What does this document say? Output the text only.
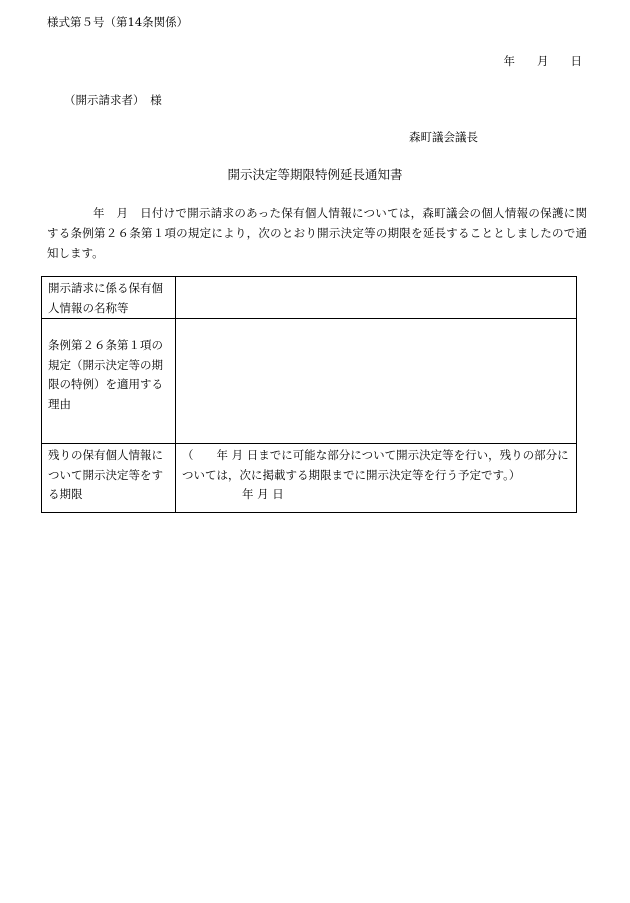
様式第５号（第14条関係）
年 月 日
（開示請求者）　様
森町議会議長
開示決定等期限特例延長通知書
年　月　日付けで開示請求のあった保有個人情報については，森町議会の個人情報の保護に関する条例第２６条第１項の規定により，次のとおり開示決定等の期限を延長することとしましたので通知します。
開示請求に係る保有個人情報の名称等	
条例第２６条第１項の規定（開示決定等の期限の特例）を適用する理由	
残りの保有個人情報について開示決定等をする期限	（　　年 月 日までに可能な部分について開示決定等を行い，残りの部分については，次に掲載する期限までに開示決定等を行う予定です。）
年 月 日
